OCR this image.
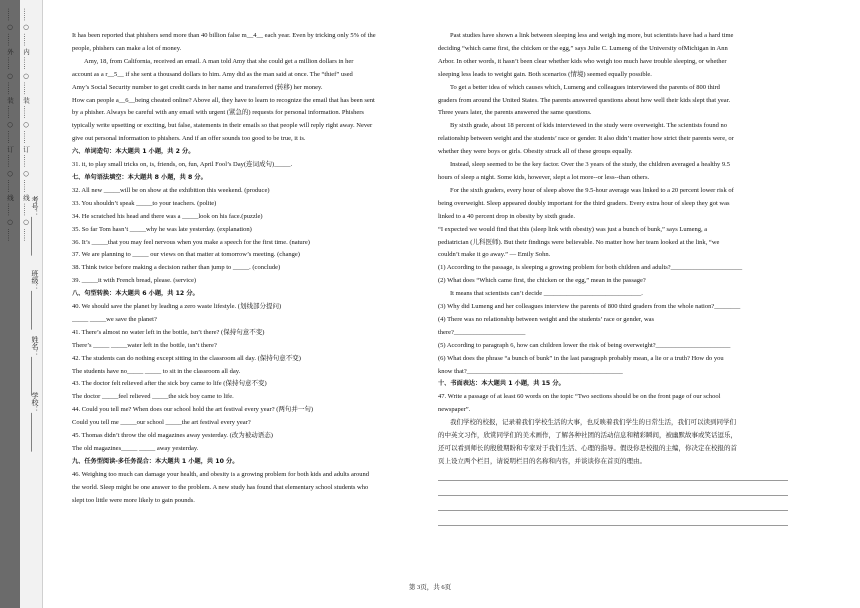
…… ○ …… 外 …… ○ …… 装 …… ○ …… 订 …… ○ …… 线 …… ○ …… …… ○ …… 内 …… ○ …… 装 …… ○ …… 订 …… ○ …… 线 …… ○ ……
学校：___________
姓名：___________
班级：___________
考号：___________
It has been reported that phishers send more than 40 billion false m__4__ each year. Even by tricking only 5% of the
people, phishers can make a lot of money.
Amy, 18, from California, received an email. A man told Amy that she could get a million dollars in her
account as a r__5__ if she sent a thousand dollars to him. Amy did as the man said at once. The “thief” used
Amy’s Social Security number to get credit cards in her name and transferred (转移) her money.
How can people a__6__being cheated online? Above all, they have to learn to recognize the email that has been sent
by a phisher. Always be careful with any email with urgent (紧急的) requests for personal information. Phishers
typically write upsetting or exciting, but false, statements in their emails so that people will reply right away. Never
give out personal information to phishers. And if an offer sounds too good to be true, it is.
六、单词造句：本大题共 1 小题，共 2 分。
31. it, to play small tricks on, is, friends, on, fun, April Fool’s Day(连词成句)_____.
七、单句语法填空：本大题共 8 小题，共 8 分。
32. All new _____will be on show at the exhibition this weekend. (produce)
33. You shouldn’t speak _____to your teachers. (polite)
34. He scratched his head and there was a _____look on his face.(puzzle)
35. So far Tom hasn’t _____why he was late yesterday. (explanation)
36. It’s _____that you may feel nervous when you make a speech for the first time. (nature)
37. We are planning to _____ our views on that matter at tomorrow’s meeting. (change)
38. Think twice before making a decision rather than jump to _____. (conclude)
39. _____it with French bread, please. (service)
八、句型转换：本大题共 6 小题，共 12 分。
40. We should save the planet by leading a zero waste lifestyle. (划线部分提问)
_____ _____we save the planet?
41. There’s almost no water left in the bottle, isn’t there? (保持句意不变)
There’s _____ _____water left in the bottle, isn’t there?
42. The students can do nothing except sitting in the classroom all day. (保持句意不变)
The students have no_____ _____ to sit in the classroom all day.
43. The doctor felt relieved after the sick boy came to life (保持句意不变)
The doctor _____feel relieved _____the sick boy came to life.
44. Could you tell me? When does our school hold the art festival every year? (两句并一句)
Could you tell me _____our school _____the art festival every year?
45. Thomas didn’t throw the old magazines away yesterday. (改为被动语态)
The old magazines_____ _____ away yesterday.
九、任务型阅读-多任务混合：本大题共 1 小题，共 10 分。
46. Weighing too much can damage your health, and obesity is a growing problem for both kids and adults around
the world. Sleep might be one answer to the problem. A new study has found that elementary school students who
slept too little were more likely to gain pounds.
Past studies have shown a link between sleeping less and weigh ing more, but scientists have had a hard time
deciding “which came first, the chicken or the egg,” says Julie C. Lumeng of the University ofMichigan in Ann
Arbor. In other words, it hasn’t been clear whether kids who weigh too much have trouble sleeping, or whether
sleeping less leads to weight gain. Both scenarios (情境) seemed equally possible.
To get a better idea of which causes which, Lumeng and colleagues interviewed the parents of 800 third
graders from around the United States. The parents answered questions about how well their kids slept that year.
Three years later, the parents answered the same questions.
By sixth grade, about 18 percent of kids interviewed in the study were overweight. The scientists found no
relationship between weight and the students’ race or gender. It also didn’t matter how strict their parents were, or
whether they were boys or girls. Obesity struck all of these groups equally.
Instead, sleep seemed to be the key factor. Over the 3 years of the study, the children averaged a healthy 9.5
hours of sleep a night. Some kids, however, slept a lot more--or less--than others.
For the sixth graders, every hour of sleep above the 9.5-hour average was linked to a 20 percent lower risk of
being overweight. Sleep appeared doubly important for the third graders. Every extra hour of sleep they got was
linked to a 40 percent drop in obesity by sixth grade.
“I expected we would find that this (sleep link with obesity) was just a bunch of bunk,” says Lumeng, a
pediatrician (儿科医师). But their findings were believable. No matter how her team looked at the link, “we
couldn’t make it go away.” — Emily Sohn.
(1) According to the passage, is sleeping a growing problem for both children and adults?______________________
(2) What does “Which came first, the chicken or the egg,” mean in the passage?
It means that scientists can’t decide ______________________________.
(3) Why did Lumeng and her colleagues interview the parents of 800 third graders from the whole nation?________
(4) There was no relationship between weight and the students’ race or gender, was
there?______________________
(5) According to paragraph 6, how can children lower the risk of being overweight?_______________________
(6) What does the phrase “a bunch of bunk” in the last paragraph probably mean, a lie or a truth? How do you
know that?________________________________________________
十、书面表达：本大题共 1 小题，共 15 分。
47. Write a passage of at least 60 words on the topic “Two sections should be on the front page of our school
newspaper”.
我们学校的校报，记录着我们学校生活的大事，也反映着我们学生的日常生活，我们可以读到同学们
的中英文习作，欣赏同学们的美术画作，了解各种社团的活动信息和精彩瞬间，被幽默故事或笑话逗乐，
还可以看到师长的殷殷期盼和专家对于我们生活、心理的指导。假设你是校报的主编，你决定在校报的首
页上设立两个栏目，请说明栏目的名称和内容，并谈谈你在首页的理由。
第 3页，共 6页
